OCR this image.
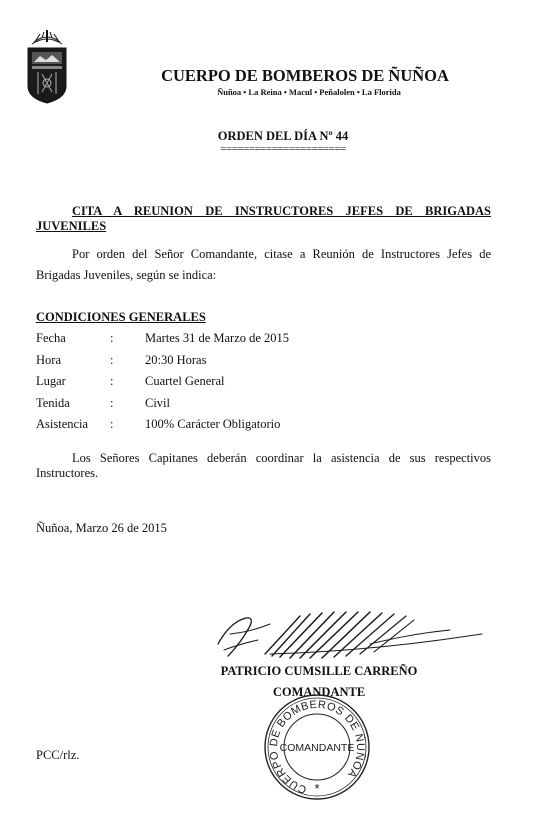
CUERPO DE BOMBEROS DE ÑUÑOA
Ñuñoa • La Reina • Macul • Peñalolen • La Florida
ORDEN DEL DÍA Nº 44
======================
CITA A REUNION DE INSTRUCTORES JEFES DE BRIGADAS
JUVENILES
Por orden del Señor Comandante, citase a Reunión de Instructores Jefes de Brigadas Juveniles, según se indica:
CONDICIONES GENERALES
Fecha	:	Martes 31 de Marzo de 2015
Hora	:	20:30 Horas
Lugar	:	Cuartel General
Tenida	:	Civil
Asistencia	:	100% Carácter Obligatorio
Los Señores Capitanes deberán coordinar la asistencia de sus respectivos Instructores.
Ñuñoa, Marzo 26 de 2015
PATRICIO CUMSILLE CARREÑO
COMANDANTE
CUERPO DE BOMBEROS DE ÑUÑOA
COMANDANTE
*
PCC/rlz.
